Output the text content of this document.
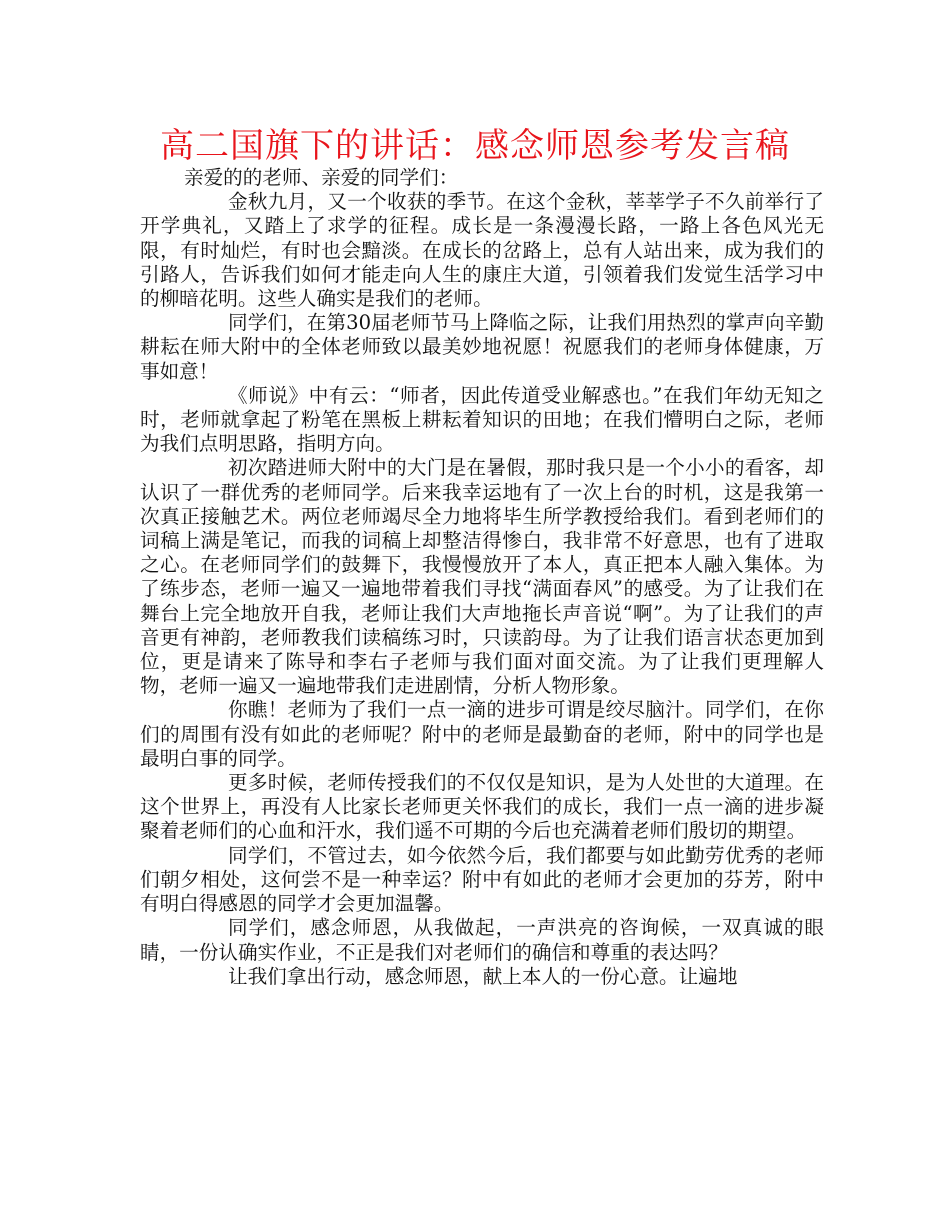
高二国旗下的讲话：感念师恩参考发言稿

亲爱的的老师、亲爱的同学们：

金秋九月，又一个收获的季节。在这个金秋，莘莘学子不久前举行了开学典礼，又踏上了求学的征程。成长是一条漫漫长路，一路上各色风光无限，有时灿烂，有时也会黯淡。在成长的岔路上，总有人站出来，成为我们的引路人，告诉我们如何才能走向人生的康庄大道，引领着我们发觉生活学习中的柳暗花明。这些人确实是我们的老师。

同学们，在第30届老师节马上降临之际，让我们用热烈的掌声向辛勤耕耘在师大附中的全体老师致以最美妙地祝愿！祝愿我们的老师身体健康，万事如意！

《师说》中有云：“师者，因此传道受业解惑也。”在我们年幼无知之时，老师就拿起了粉笔在黑板上耕耘着知识的田地；在我们懵明白之际，老师为我们点明思路，指明方向。

初次踏进师大附中的大门是在暑假，那时我只是一个小小的看客，却认识了一群优秀的老师同学。后来我幸运地有了一次上台的时机，这是我第一次真正接触艺术。两位老师竭尽全力地将毕生所学教授给我们。看到老师们的词稿上满是笔记，而我的词稿上却整洁得惨白，我非常不好意思，也有了进取之心。在老师同学们的鼓舞下，我慢慢放开了本人，真正把本人融入集体。为了练步态，老师一遍又一遍地带着我们寻找“满面春风”的感受。为了让我们在舞台上完全地放开自我，老师让我们大声地拖长声音说“啊”。为了让我们的声音更有神韵，老师教我们读稿练习时，只读韵母。为了让我们语言状态更加到位，更是请来了陈导和李右子老师与我们面对面交流。为了让我们更理解人物，老师一遍又一遍地带我们走进剧情，分析人物形象。

你瞧！老师为了我们一点一滴的进步可谓是绞尽脑汁。同学们，在你们的周围有没有如此的老师呢？附中的老师是最勤奋的老师，附中的同学也是最明白事的同学。

更多时候，老师传授我们的不仅仅是知识，是为人处世的大道理。在这个世界上，再没有人比家长老师更关怀我们的成长，我们一点一滴的进步凝聚着老师们的心血和汗水，我们遥不可期的今后也充满着老师们殷切的期望。

同学们，不管过去，如今依然今后，我们都要与如此勤劳优秀的老师们朝夕相处，这何尝不是一种幸运？附中有如此的老师才会更加的芬芳，附中有明白得感恩的同学才会更加温馨。

同学们，感念师恩，从我做起，一声洪亮的咨询候，一双真诚的眼睛，一份认确实作业，不正是我们对老师们的确信和尊重的表达吗？

让我们拿出行动，感念师恩，献上本人的一份心意。让遍地
